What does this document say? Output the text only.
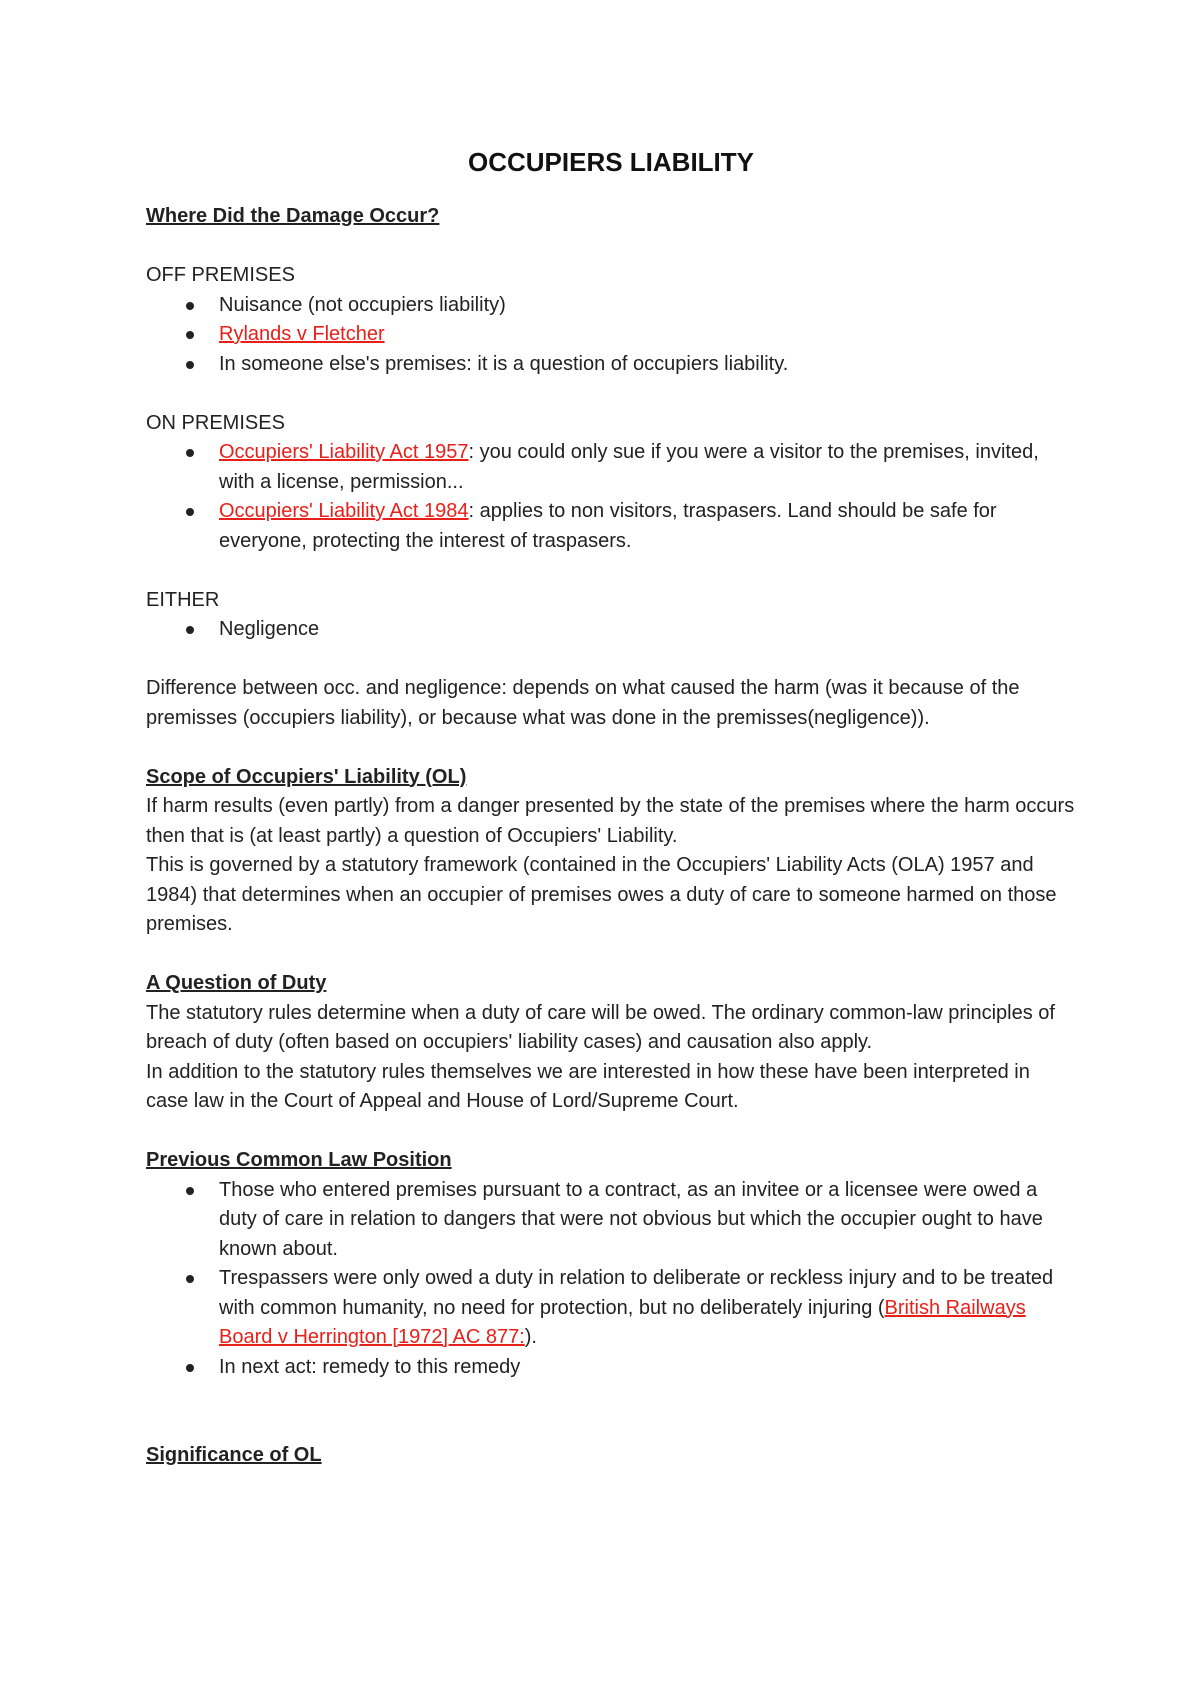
OCCUPIERS LIABILITY

Where Did the Damage Occur?

OFF PREMISES

Nuisance (not occupiers liability)
Rylands v Fletcher
In someone else's premises: it is a question of occupiers liability.

ON PREMISES

Occupiers' Liability Act 1957: you could only sue if you were a visitor to the premises, invited, with a license, permission...
Occupiers' Liability Act 1984: applies to non visitors, traspasers. Land should be safe for everyone, protecting the interest of traspasers.

EITHER

Negligence

Difference between occ. and negligence: depends on what caused the harm (was it because of the premisses (occupiers liability), or because what was done in the premisses(negligence)).

Scope of Occupiers' Liability (OL)

If harm results (even partly) from a danger presented by the state of the premises where the harm occurs then that is (at least partly) a question of Occupiers' Liability.

This is governed by a statutory framework (contained in the Occupiers' Liability Acts (OLA) 1957 and 1984) that determines when an occupier of premises owes a duty of care to someone harmed on those premises.

A Question of Duty

The statutory rules determine when a duty of care will be owed. The ordinary common-law principles of breach of duty (often based on occupiers' liability cases) and causation also apply.

In addition to the statutory rules themselves we are interested in how these have been interpreted in case law in the Court of Appeal and House of Lord/Supreme Court.

Previous Common Law Position

Those who entered premises pursuant to a contract, as an invitee or a licensee were owed a duty of care in relation to dangers that were not obvious but which the occupier ought to have known about.
Trespassers were only owed a duty in relation to deliberate or reckless injury and to be treated with common humanity, no need for protection, but no deliberately injuring (British Railways Board v Herrington [1972] AC 877:).
In next act: remedy to this remedy

Significance of OL
